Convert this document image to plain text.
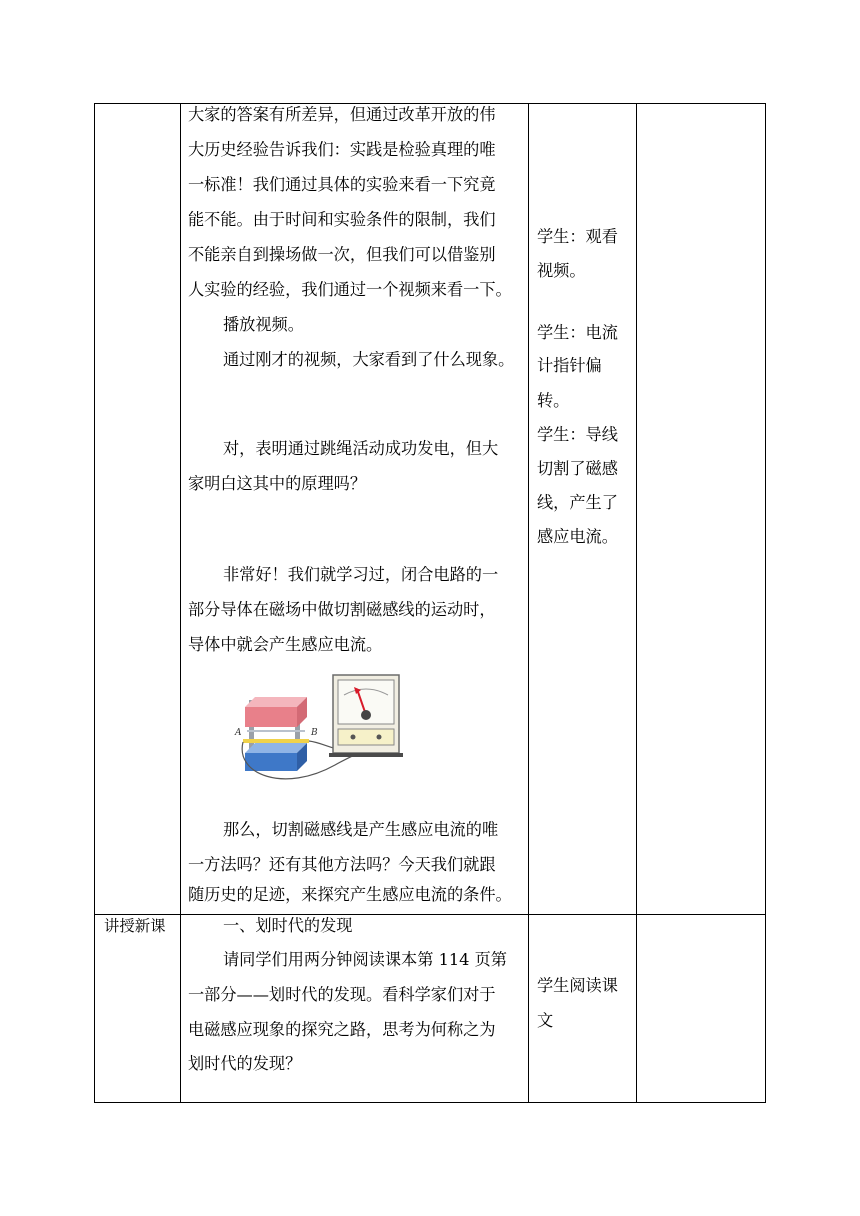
大家的答案有所差异，但通过改革开放的伟
大历史经验告诉我们：实践是检验真理的唯
一标准！我们通过具体的实验来看一下究竟
能不能。由于时间和实验条件的限制，我们
不能亲自到操场做一次，但我们可以借鉴别
人实验的经验，我们通过一个视频来看一下。
播放视频。
通过刚才的视频，大家看到了什么现象。
对，表明通过跳绳活动成功发电，但大
家明白这其中的原理吗？
非常好！我们就学习过，闭合电路的一
部分导体在磁场中做切割磁感线的运动时，
导体中就会产生感应电流。
那么，切割磁感线是产生感应电流的唯
一方法吗？还有其他方法吗？今天我们就跟
随历史的足迹，来探究产生感应电流的条件。
A	B
学生：观看
视频。
学生：电流
计指针偏
转。
学生：导线
切割了磁感
线，产生了
感应电流。
讲授新课	一、划时代的发现
请同学们用两分钟阅读课本第 114 页第
一部分——划时代的发现。看科学家们对于
电磁感应现象的探究之路，思考为何称之为
划时代的发现？
学生阅读课
文
